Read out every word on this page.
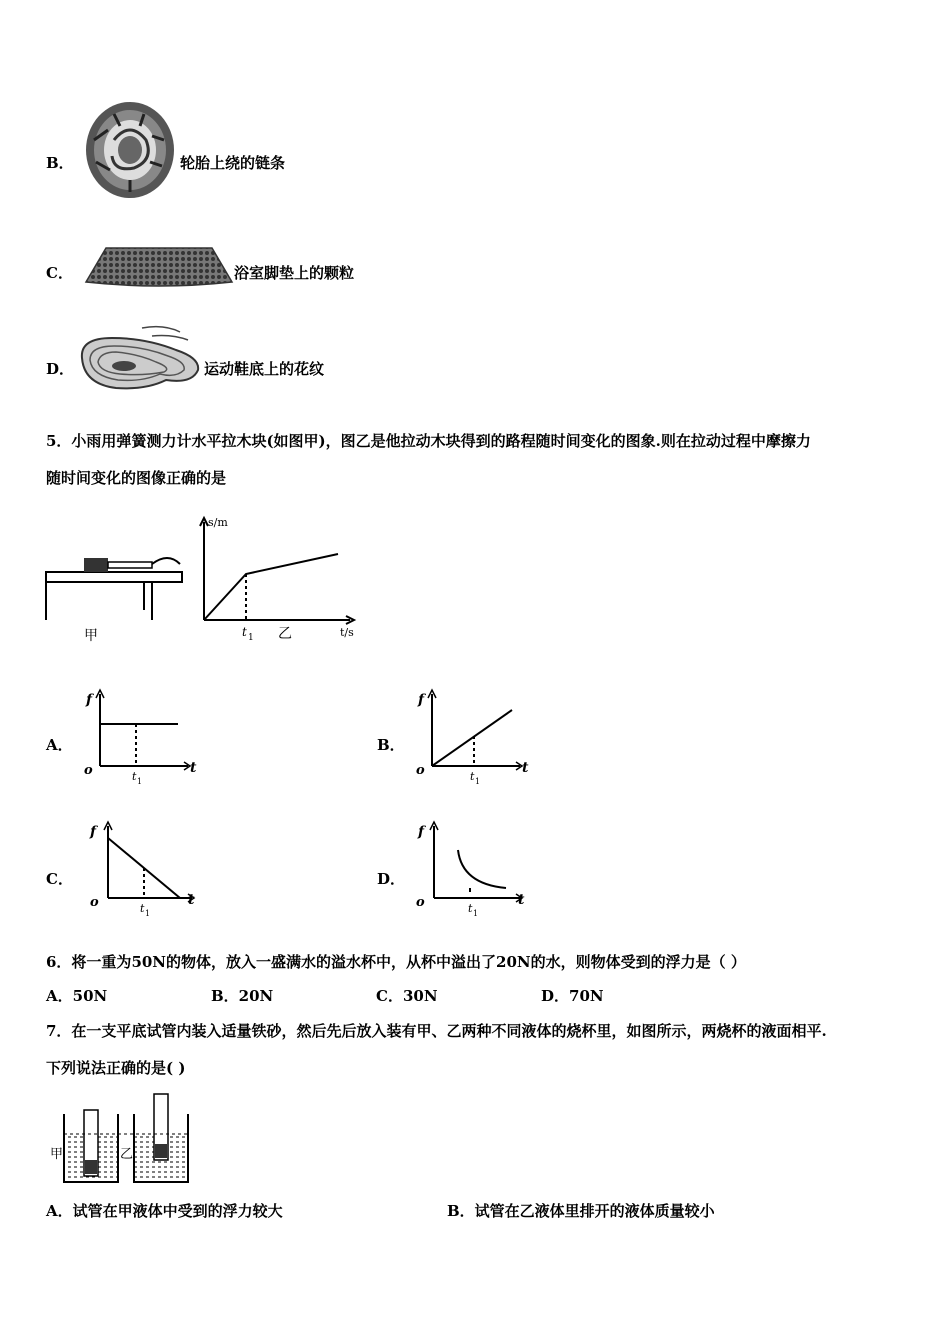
B．	轮胎上绕的链条
C．	浴室脚垫上的颗粒
D．	运动鞋底上的花纹
5．小雨用弹簧测力计水平拉木块(如图甲)，图乙是他拉动木块得到的路程随时间变化的图象.则在拉动过程中摩擦力
随时间变化的图像正确的是
甲
s/m
t/s
t 1 乙
A．
f
o	t
t 1
B．
f
o	t
t 1
C．
f
o	t
t 1
D．
f
o	t
t 1
6．将一重为50N的物体，放入一盛满水的溢水杯中，从杯中溢出了20N的水，则物体受到的浮力是（ ）
A．50N	B．20N	C．30N	D．70N
7．在一支平底试管内装入适量铁砂，然后先后放入装有甲、乙两种不同液体的烧杯里，如图所示，两烧杯的液面相平.
下列说法正确的是( )
甲	乙
A．试管在甲液体中受到的浮力较大	B．试管在乙液体里排开的液体质量较小
